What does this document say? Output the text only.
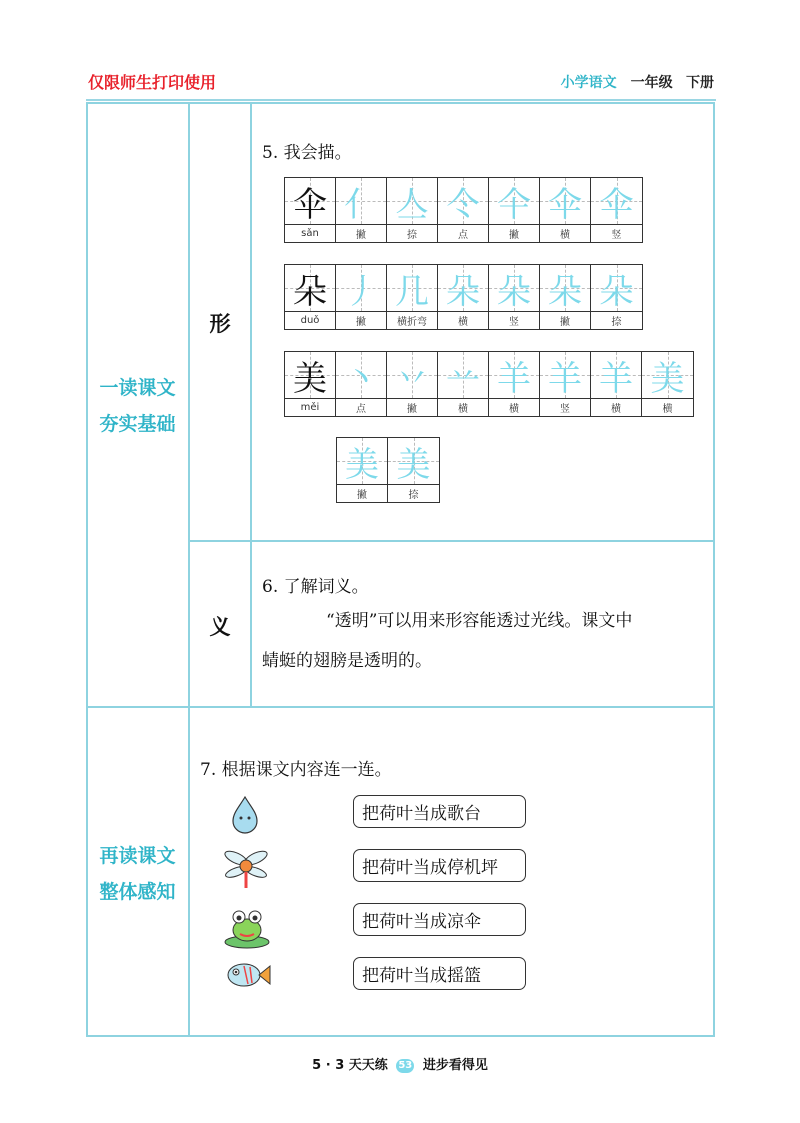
仅限师生打印使用	小学语文 一年级 下册
一读课文
夯实基础
再读课文
整体感知
形
义
5. 我会描。
伞
sǎn
亻
撇
亼
捺
仒
点
仐
撇
伞
横
伞
竖
朵
duǒ
丿
撇
几
横折弯
朵
横
朵
竖
朵
撇
朵
捺
美
měi
丶
点
丷
撇
䒑
横
羊
横
羊
竖
羊
横
美
横
美
撇
美
捺
6. 了解词义。
“透明”可以用来形容能透过光线。课文中
蜻蜓的翅膀是透明的。
7. 根据课文内容连一连。
把荷叶当成歌台
把荷叶当成停机坪
把荷叶当成凉伞
把荷叶当成摇篮
5 · 3 天天练 53 进步看得见
